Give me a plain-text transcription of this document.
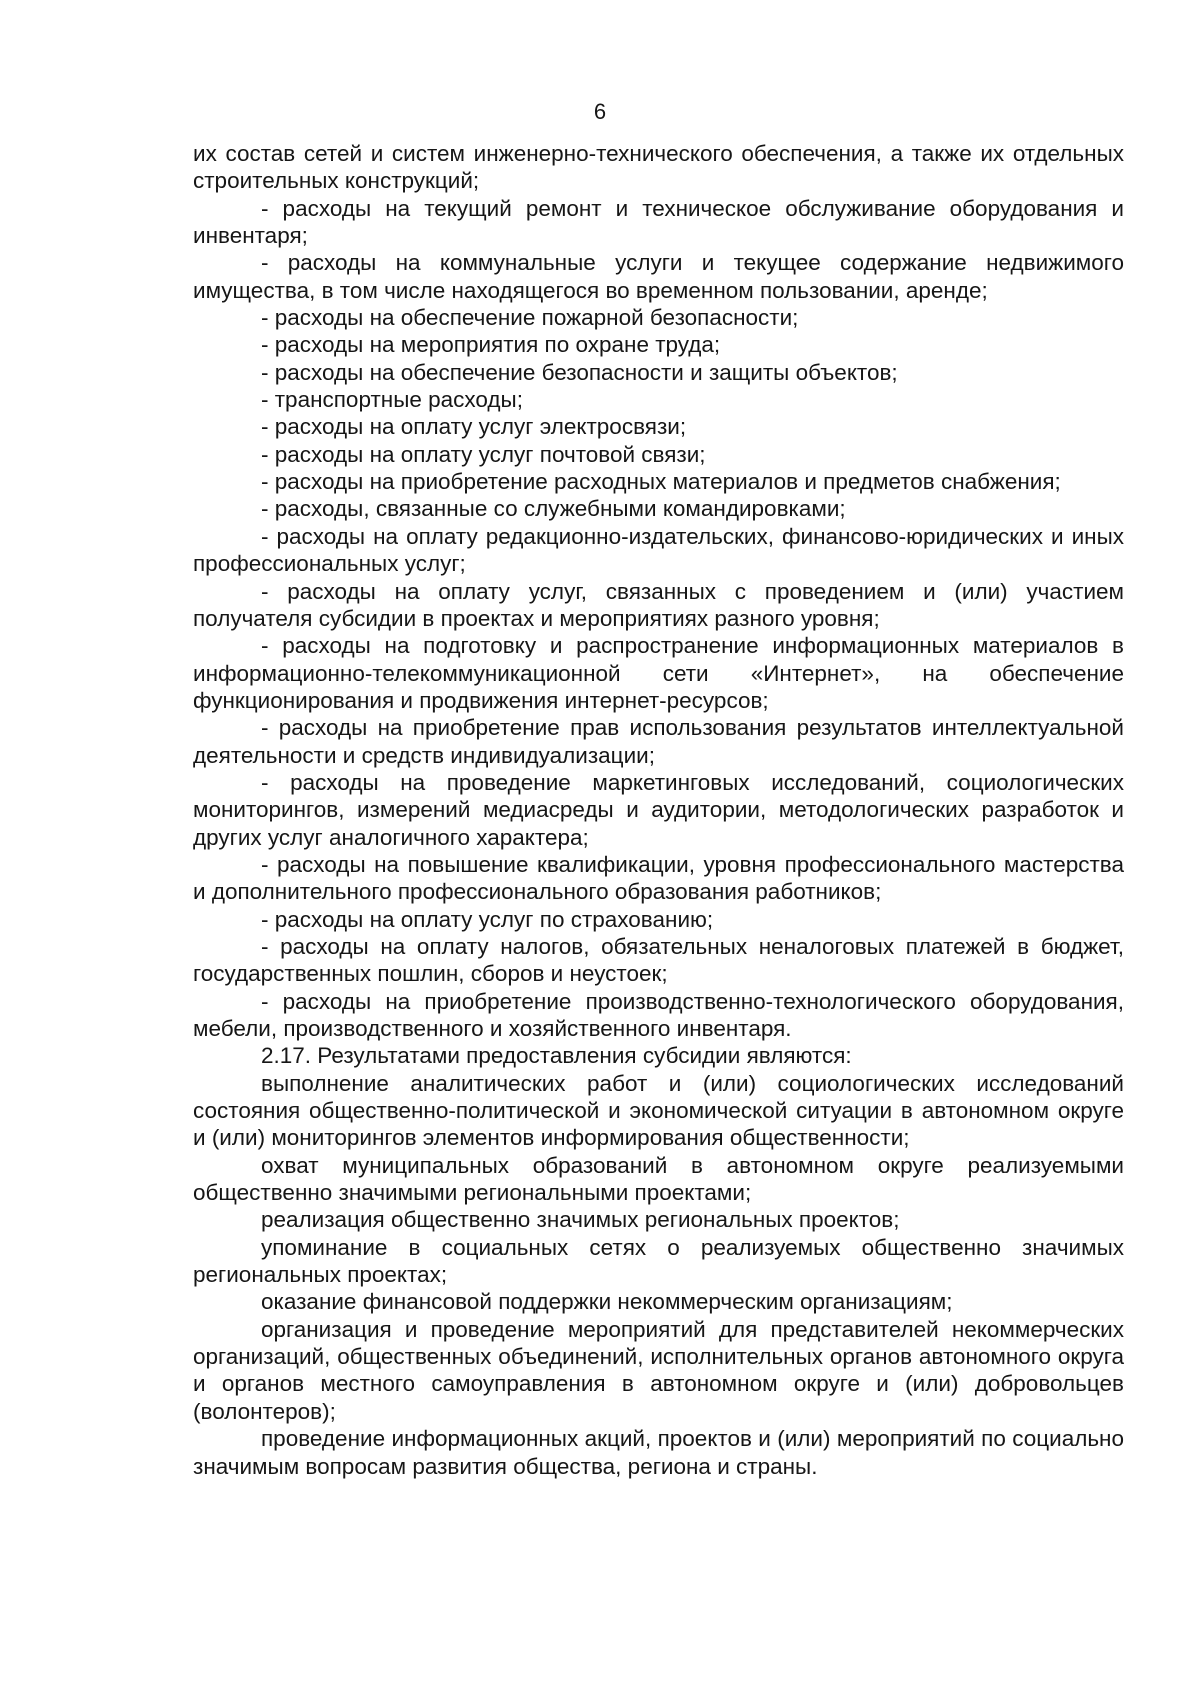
6

их состав сетей и систем инженерно-технического обеспечения, а также их отдельных строительных конструкций;

- расходы на текущий ремонт и техническое обслуживание оборудования и инвентаря;

- расходы на коммунальные услуги и текущее содержание недвижимого имущества, в том числе находящегося во временном пользовании, аренде;

- расходы на обеспечение пожарной безопасности;

- расходы на мероприятия по охране труда;

- расходы на обеспечение безопасности и защиты объектов;

- транспортные расходы;

- расходы на оплату услуг электросвязи;

- расходы на оплату услуг почтовой связи;

- расходы на приобретение расходных материалов и предметов снабжения;

- расходы, связанные со служебными командировками;

- расходы на оплату редакционно-издательских, финансово-юридических и иных профессиональных услуг;

- расходы на оплату услуг, связанных с проведением и (или) участием получателя субсидии в проектах и мероприятиях разного уровня;

- расходы на подготовку и распространение информационных материалов в информационно-телекоммуникационной сети «Интернет», на обеспечение функционирования и продвижения интернет-ресурсов;

- расходы на приобретение прав использования результатов интеллектуальной деятельности и средств индивидуализации;

- расходы на проведение маркетинговых исследований, социологических мониторингов, измерений медиасреды и аудитории, методологических разработок и других услуг аналогичного характера;

- расходы на повышение квалификации, уровня профессионального мастерства и дополнительного профессионального образования работников;

- расходы на оплату услуг по страхованию;

- расходы на оплату налогов, обязательных неналоговых платежей в бюджет, государственных пошлин, сборов и неустоек;

- расходы на приобретение производственно-технологического оборудования, мебели, производственного и хозяйственного инвентаря.

2.17. Результатами предоставления субсидии являются:

выполнение аналитических работ и (или) социологических исследований состояния общественно-политической и экономической ситуации в автономном округе и (или) мониторингов элементов информирования общественности;

охват муниципальных образований в автономном округе реализуемыми общественно значимыми региональными проектами;

реализация общественно значимых региональных проектов;

упоминание в социальных сетях о реализуемых общественно значимых региональных проектах;

оказание финансовой поддержки некоммерческим организациям;

организация и проведение мероприятий для представителей некоммерческих организаций, общественных объединений, исполнительных органов автономного округа и органов местного самоуправления в автономном округе и (или) добровольцев (волонтеров);

проведение информационных акций, проектов и (или) мероприятий по социально значимым вопросам развития общества, региона и страны.
